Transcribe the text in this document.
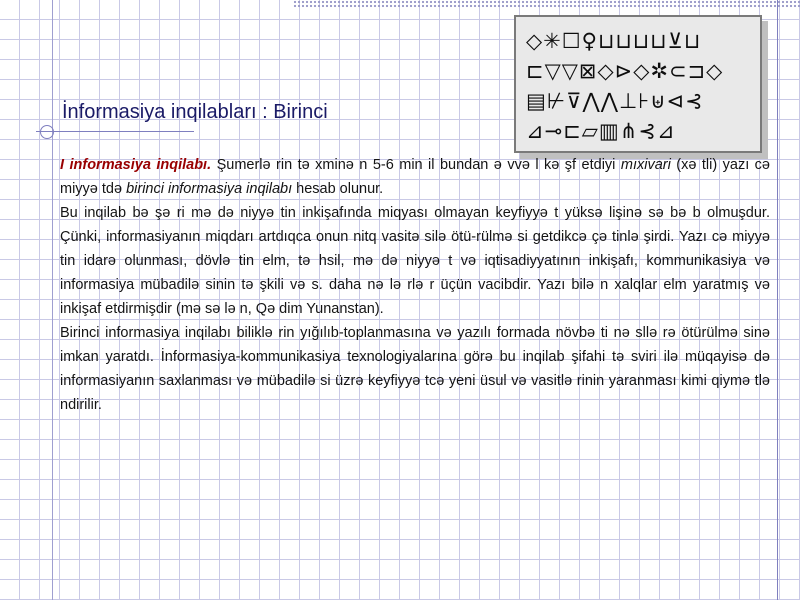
◇✳☐♀⊔⊔⊔⊔⊻⊔
⊏▽▽⊠◇⊳◇✲⊂⊐◇
▤⊬⊽⋀⋀⊥⊦⊎⊲⊰
⊿⊸⊏▱▥⋔⊰⊿
İnformasiya inqilabları : Birinci

I informasiya inqilabı. Şumerlə rin tə xminə n 5-6 min il bundan ə vvə l kə şf etdiyi mıxivari (xə tli) yazı cə miyyə tdə birinci informasiya inqilabı hesab olunur.

Bu inqilab bə şə ri mə də niyyə tin inkişafında miqyası olmayan keyfiyyə t yüksə lişinə sə bə b olmuşdur. Çünki, informasiyanın miqdarı artdıqca onun nitq vasitə silə ötü-rülmə si getdikcə çə tinlə şirdi. Yazı cə miyyə tin idarə olunması, dövlə tin elm, tə hsil, mə də niyyə t və iqtisadiyyatının inkişafı, kommunikasiya və informasiya mübadilə sinin tə şkili və s. daha nə lə rlə r üçün vacibdir. Yazı bilə n xalqlar elm yaratmış və inkişaf etdirmişdir (mə sə lə n, Qə dim Yunanstan).

Birinci informasiya inqilabı biliklə rin yığılıb-toplanmasına və yazılı formada növbə ti nə sllə rə ötürülmə sinə imkan yaratdı. İnformasiya-kommunikasiya texnologiyalarına görə bu inqilab şifahi tə sviri ilə müqayisə də informasiyanın saxlanması və mübadilə si üzrə keyfiyyə tcə yeni üsul və vasitlə rinin yaranması kimi qiymə tlə ndirilir.
